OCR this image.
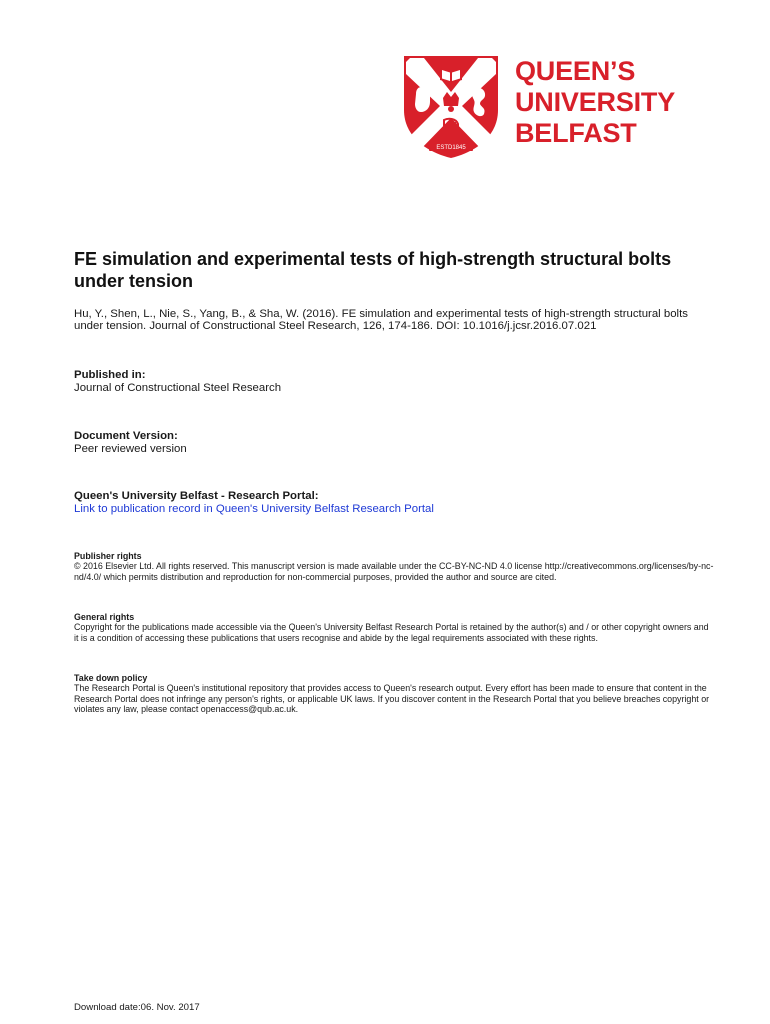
ESTD1845
QUEEN’S
UNIVERSITY
BELFAST
FE simulation and experimental tests of high-strength structural bolts under tension
Hu, Y., Shen, L., Nie, S., Yang, B., & Sha, W. (2016). FE simulation and experimental tests of high-strength structural bolts under tension. Journal of Constructional Steel Research, 126, 174-186. DOI: 10.1016/j.jcsr.2016.07.021
Published in:
Journal of Constructional Steel Research
Document Version:
Peer reviewed version
Queen's University Belfast - Research Portal:
Link to publication record in Queen's University Belfast Research Portal
Publisher rights
© 2016 Elsevier Ltd. All rights reserved. This manuscript version is made available under the CC-BY-NC-ND 4.0 license http://creativecommons.org/licenses/by-nc-nd/4.0/ which permits distribution and reproduction for non-commercial purposes, provided the author and source are cited.
General rights
Copyright for the publications made accessible via the Queen's University Belfast Research Portal is retained by the author(s) and / or other copyright owners and it is a condition of accessing these publications that users recognise and abide by the legal requirements associated with these rights.
Take down policy
The Research Portal is Queen's institutional repository that provides access to Queen's research output. Every effort has been made to ensure that content in the Research Portal does not infringe any person's rights, or applicable UK laws. If you discover content in the Research Portal that you believe breaches copyright or violates any law, please contact openaccess@qub.ac.uk.
Download date:06. Nov. 2017
